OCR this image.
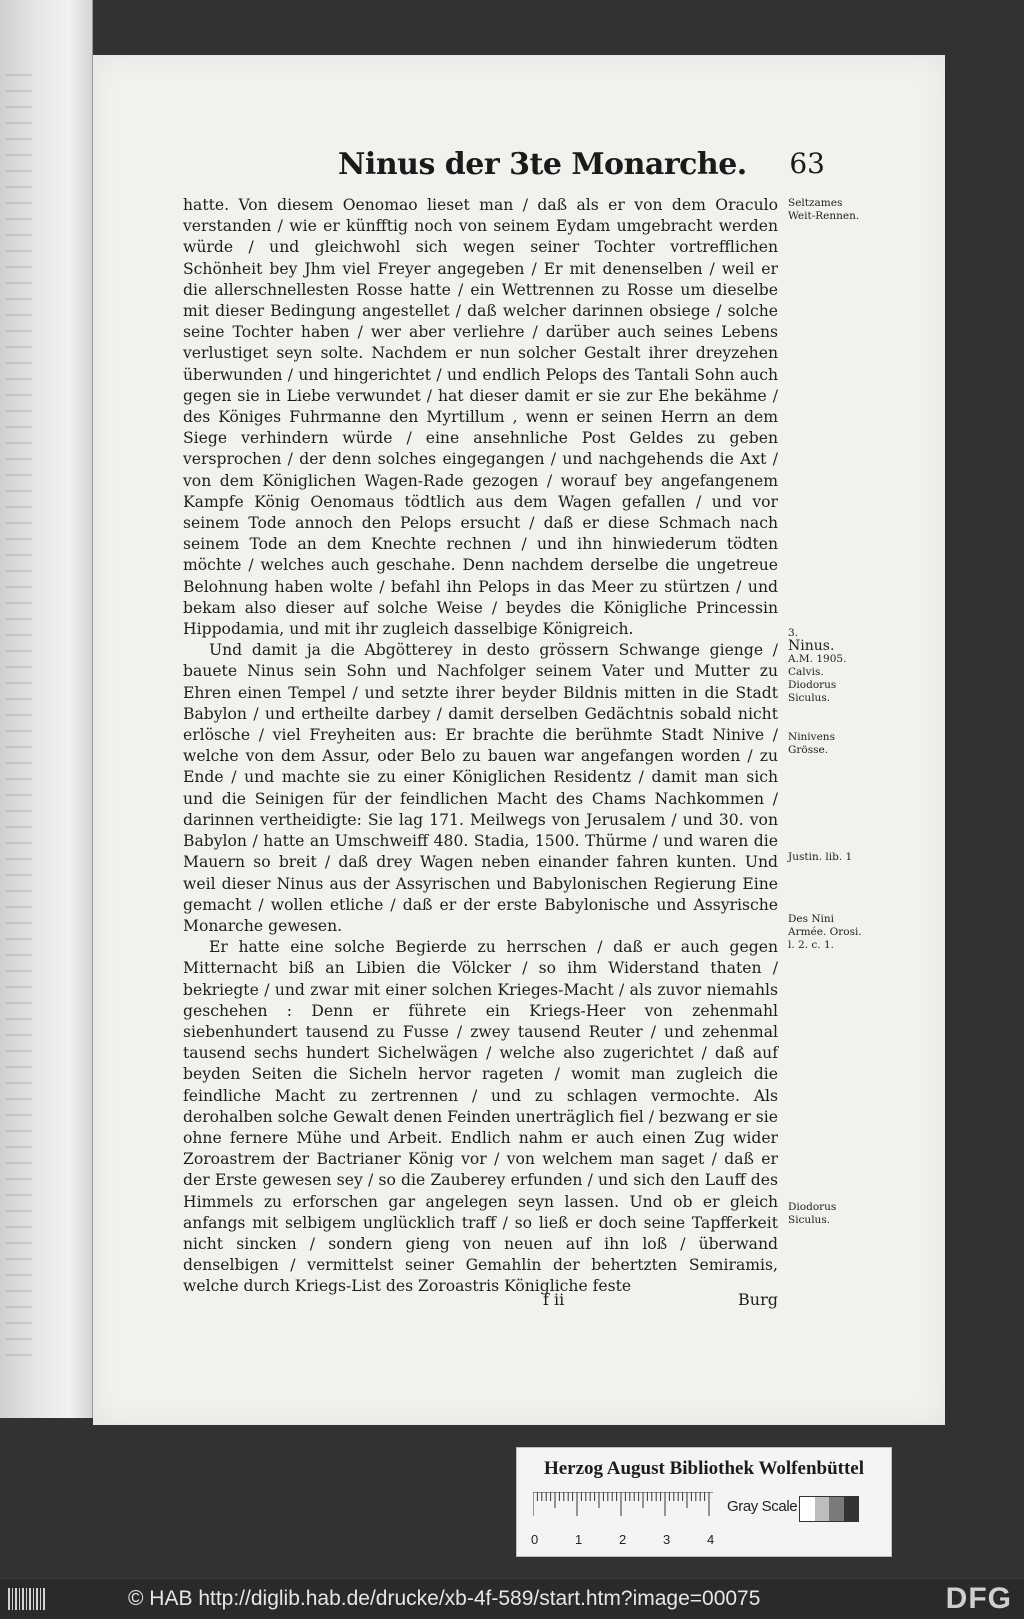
Ninus der 3te Monarche. 63

hatte. Von diesem Oenomao lieset man / daß als er von dem Oraculo verstanden / wie er künfftig noch von seinem Eydam umgebracht werden würde / und gleichwohl sich wegen seiner Tochter vortrefflichen Schönheit bey Jhm viel Freyer angegeben / Er mit denenselben / weil er die allerschnellesten Rosse hatte / ein Wettrennen zu Rosse um dieselbe mit dieser Bedingung angestellet / daß welcher darinnen obsiege / solche seine Tochter haben / wer aber verliehre / darüber auch seines Lebens verlustiget seyn solte. Nachdem er nun solcher Gestalt ihrer dreyzehen überwunden / und hingerichtet / und endlich Pelops des Tantali Sohn auch gegen sie in Liebe verwundet / hat dieser damit er sie zur Ehe bekähme / des Königes Fuhrmanne den Myrtillum , wenn er seinen Herrn an dem Siege verhindern würde / eine ansehnliche Post Geldes zu geben versprochen / der denn solches eingegangen / und nachgehends die Axt / von dem Königlichen Wagen-Rade gezogen / worauf bey angefangenem Kampfe König Oenomaus tödtlich aus dem Wagen gefallen / und vor seinem Tode annoch den Pelops ersucht / daß er diese Schmach nach seinem Tode an dem Knechte rechnen / und ihn hinwiederum tödten möchte / welches auch geschahe. Denn nachdem derselbe die ungetreue Belohnung haben wolte / befahl ihn Pelops in das Meer zu stürtzen / und bekam also dieser auf solche Weise / beydes die Königliche Princessin Hippodamia, und mit ihr zugleich dasselbige Königreich.

Und damit ja die Abgötterey in desto grössern Schwange gienge / bauete Ninus sein Sohn und Nachfolger seinem Vater und Mutter zu Ehren einen Tempel / und setzte ihrer beyder Bildnis mitten in die Stadt Babylon / und ertheilte darbey / damit derselben Gedächtnis sobald nicht erlösche / viel Freyheiten aus: Er brachte die berühmte Stadt Ninive / welche von dem Assur, oder Belo zu bauen war angefangen worden / zu Ende / und machte sie zu einer Königlichen Residentz / damit man sich und die Seinigen für der feindlichen Macht des Chams Nachkommen / darinnen vertheidigte: Sie lag 171. Meilwegs von Jerusalem / und 30. von Babylon / hatte an Umschweiff 480. Stadia, 1500. Thürme / und waren die Mauern so breit / daß drey Wagen neben einander fahren kunten. Und weil dieser Ninus aus der Assyrischen und Babylonischen Regierung Eine gemacht / wollen etliche / daß er der erste Babylonische und Assyrische Monarche gewesen.

Er hatte eine solche Begierde zu herrschen / daß er auch gegen Mitternacht biß an Libien die Völcker / so ihm Widerstand thaten / bekriegte / und zwar mit einer solchen Krieges-Macht / als zuvor niemahls geschehen : Denn er führete ein Kriegs-Heer von zehenmahl siebenhundert tausend zu Fusse / zwey tausend Reuter / und zehenmal tausend sechs hundert Sichelwägen / welche also zugerichtet / daß auf beyden Seiten die Sicheln hervor rageten / womit man zugleich die feindliche Macht zu zertrennen / und zu schlagen vermochte. Als derohalben solche Gewalt denen Feinden unerträglich fiel / bezwang er sie ohne fernere Mühe und Arbeit. Endlich nahm er auch einen Zug wider Zoroastrem der Bactrianer König vor / von welchem man saget / daß er der Erste gewesen sey / so die Zauberey erfunden / und sich den Lauff des Himmels zu erforschen gar angelegen seyn lassen. Und ob er gleich anfangs mit selbigem unglücklich traff / so ließ er doch seine Tapfferkeit nicht sincken / sondern gieng von neuen auf ihn loß / überwand denselbigen / vermittelst seiner Gemahlin der behertzten Semiramis, welche durch Kriegs-List des Zoroastris Königliche feste

Seltzames Weit-Rennen.
3.
Ninus.
A.M. 1905.
Calvis.
Diodorus Siculus.
Ninivens Grösse.
Justin. lib. 1
Des Nini Armée. Orosi. l. 2. c. 1.
Diodorus Siculus.
f ii	Burg
Herzog August Bibliothek Wolfenbüttel
0	1	2	3	4
Gray Scale
© HAB http://diglib.hab.de/drucke/xb-4f-589/start.htm?image=00075	DFG
